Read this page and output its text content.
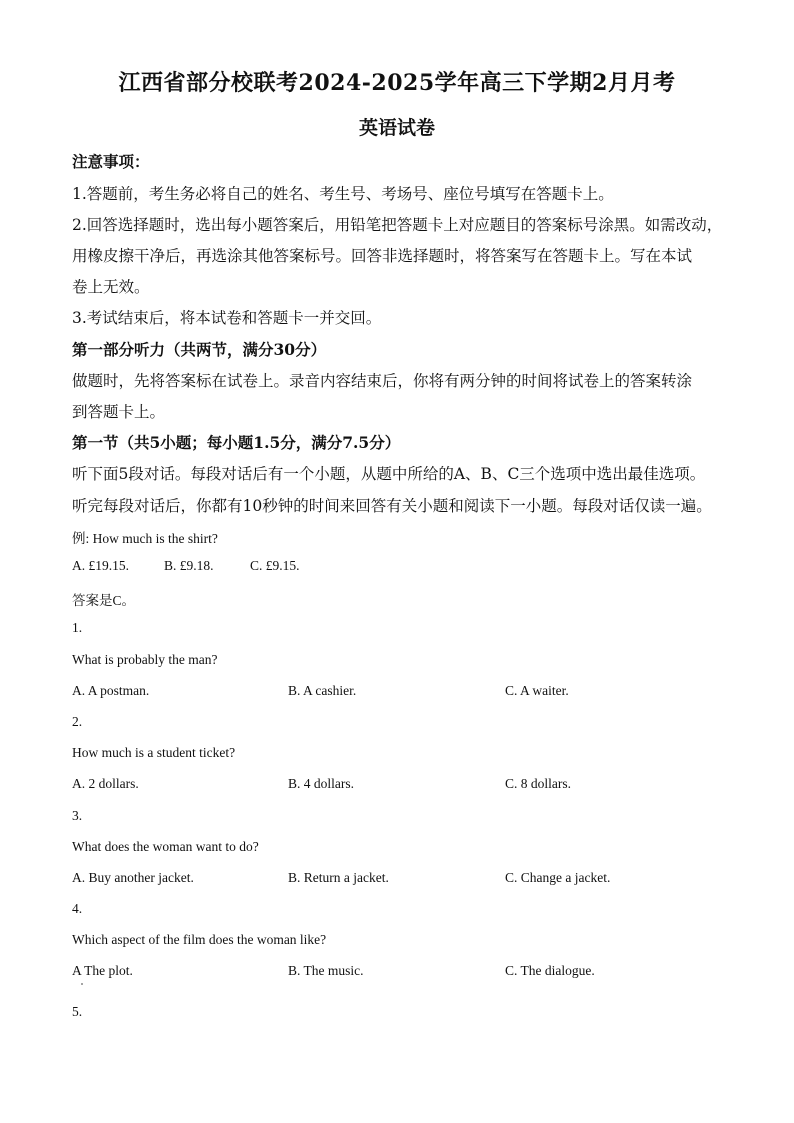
江西省部分校联考2024-2025学年高三下学期2月月考
英语试卷
注意事项：
1.答题前，考生务必将自己的姓名、考生号、考场号、座位号填写在答题卡上。
2.回答选择题时，选出每小题答案后，用铅笔把答题卡上对应题目的答案标号涂黑。如需改动，
用橡皮擦干净后，再选涂其他答案标号。回答非选择题时，将答案写在答题卡上。写在本试
卷上无效。
3.考试结束后，将本试卷和答题卡一并交回。
第一部分听力（共两节，满分30分）
做题时，先将答案标在试卷上。录音内容结束后，你将有两分钟的时间将试卷上的答案转涂
到答题卡上。
第一节（共5小题；每小题1.5分，满分7.5分）
听下面5段对话。每段对话后有一个小题，从题中所给的A、B、C三个选项中选出最佳选项。
听完每段对话后，你都有10秒钟的时间来回答有关小题和阅读下一小题。每段对话仅读一遍。
例: How much is the shirt?
A. £19.15.	B. £9.18.	C. £9.15.
答案是C。
1.
What is probably the man?
A. A postman.	B. A cashier.	C. A waiter.
2.
How much is a student ticket?
A. 2 dollars.	B. 4 dollars.	C. 8 dollars.
3.
What does the woman want to do?
A. Buy another jacket.	B. Return a jacket.	C. Change a jacket.
4.
Which aspect of the film does the woman like?
A The plot.	B. The music.	C. The dialogue.
5.
